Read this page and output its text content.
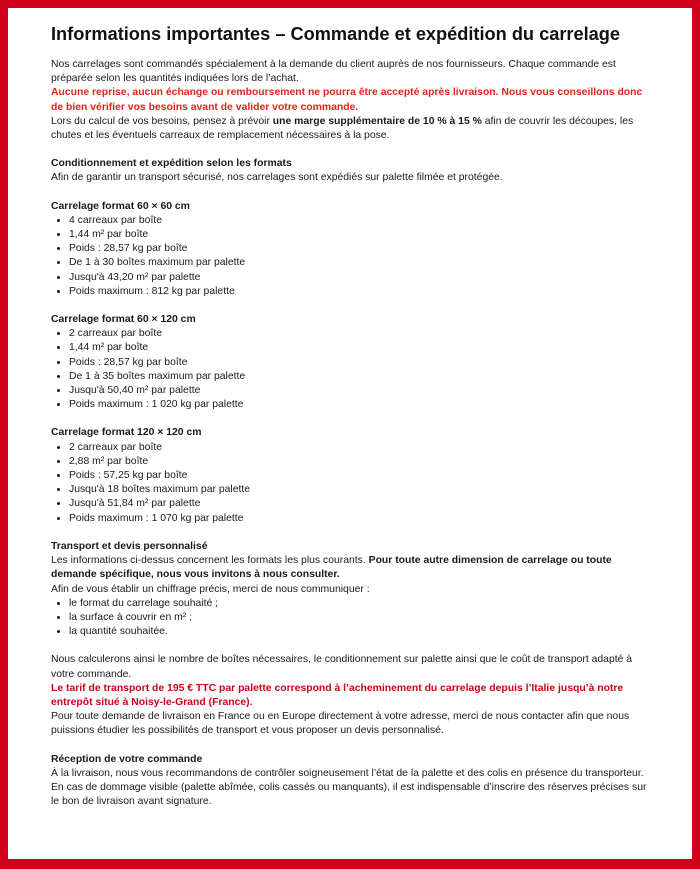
Informations importantes – Commande et expédition du carrelage

Nos carrelages sont commandés spécialement à la demande du client auprès de nos fournisseurs. Chaque commande est préparée selon les quantités indiquées lors de l’achat.

Aucune reprise, aucun échange ou remboursement ne pourra être accepté après livraison. Nous vous conseillons donc de bien vérifier vos besoins avant de valider votre commande.

Lors du calcul de vos besoins, pensez à prévoir une marge supplémentaire de 10 % à 15 % afin de couvrir les découpes, les chutes et les éventuels carreaux de remplacement nécessaires à la pose.

Conditionnement et expédition selon les formats

Afin de garantir un transport sécurisé, nos carrelages sont expédiés sur palette filmée et protégée.

Carrelage format 60 × 60 cm

• 4 carreaux par boîte
• 1,44 m² par boîte
• Poids : 28,57 kg par boîte
• De 1 à 30 boîtes maximum par palette
• Jusqu'à 43,20 m² par palette
• Poids maximum : 812 kg par palette

Carrelage format 60 × 120 cm

• 2 carreaux par boîte
• 1,44 m² par boîte
• Poids : 28,57 kg par boîte
• De 1 à 35 boîtes maximum par palette
• Jusqu'à 50,40 m² par palette
• Poids maximum : 1 020 kg par palette

Carrelage format 120 × 120 cm

• 2 carreaux par boîte
• 2,88 m² par boîte
• Poids : 57,25 kg par boîte
• Jusqu'à 18 boîtes maximum par palette
• Jusqu'à 51,84 m² par palette
• Poids maximum : 1 070 kg par palette

Transport et devis personnalisé

Les informations ci-dessus concernent les formats les plus courants. Pour toute autre dimension de carrelage ou toute demande spécifique, nous vous invitons à nous consulter.

Afin de vous établir un chiffrage précis, merci de nous communiquer :

• le format du carrelage souhaité ;
• la surface à couvrir en m² ;
• la quantité souhaitée.

Nous calculerons ainsi le nombre de boîtes nécessaires, le conditionnement sur palette ainsi que le coût de transport adapté à votre commande.

Le tarif de transport de 195 € TTC par palette correspond à l’acheminement du carrelage depuis l’Italie jusqu’à notre entrepôt situé à Noisy-le-Grand (France).

Pour toute demande de livraison en France ou en Europe directement à votre adresse, merci de nous contacter afin que nous puissions étudier les possibilités de transport et vous proposer un devis personnalisé.

Réception de votre commande

À la livraison, nous vous recommandons de contrôler soigneusement l’état de la palette et des colis en présence du transporteur. En cas de dommage visible (palette abîmée, colis cassés ou manquants), il est indispensable d’inscrire des réserves précises sur le bon de livraison avant signature.
